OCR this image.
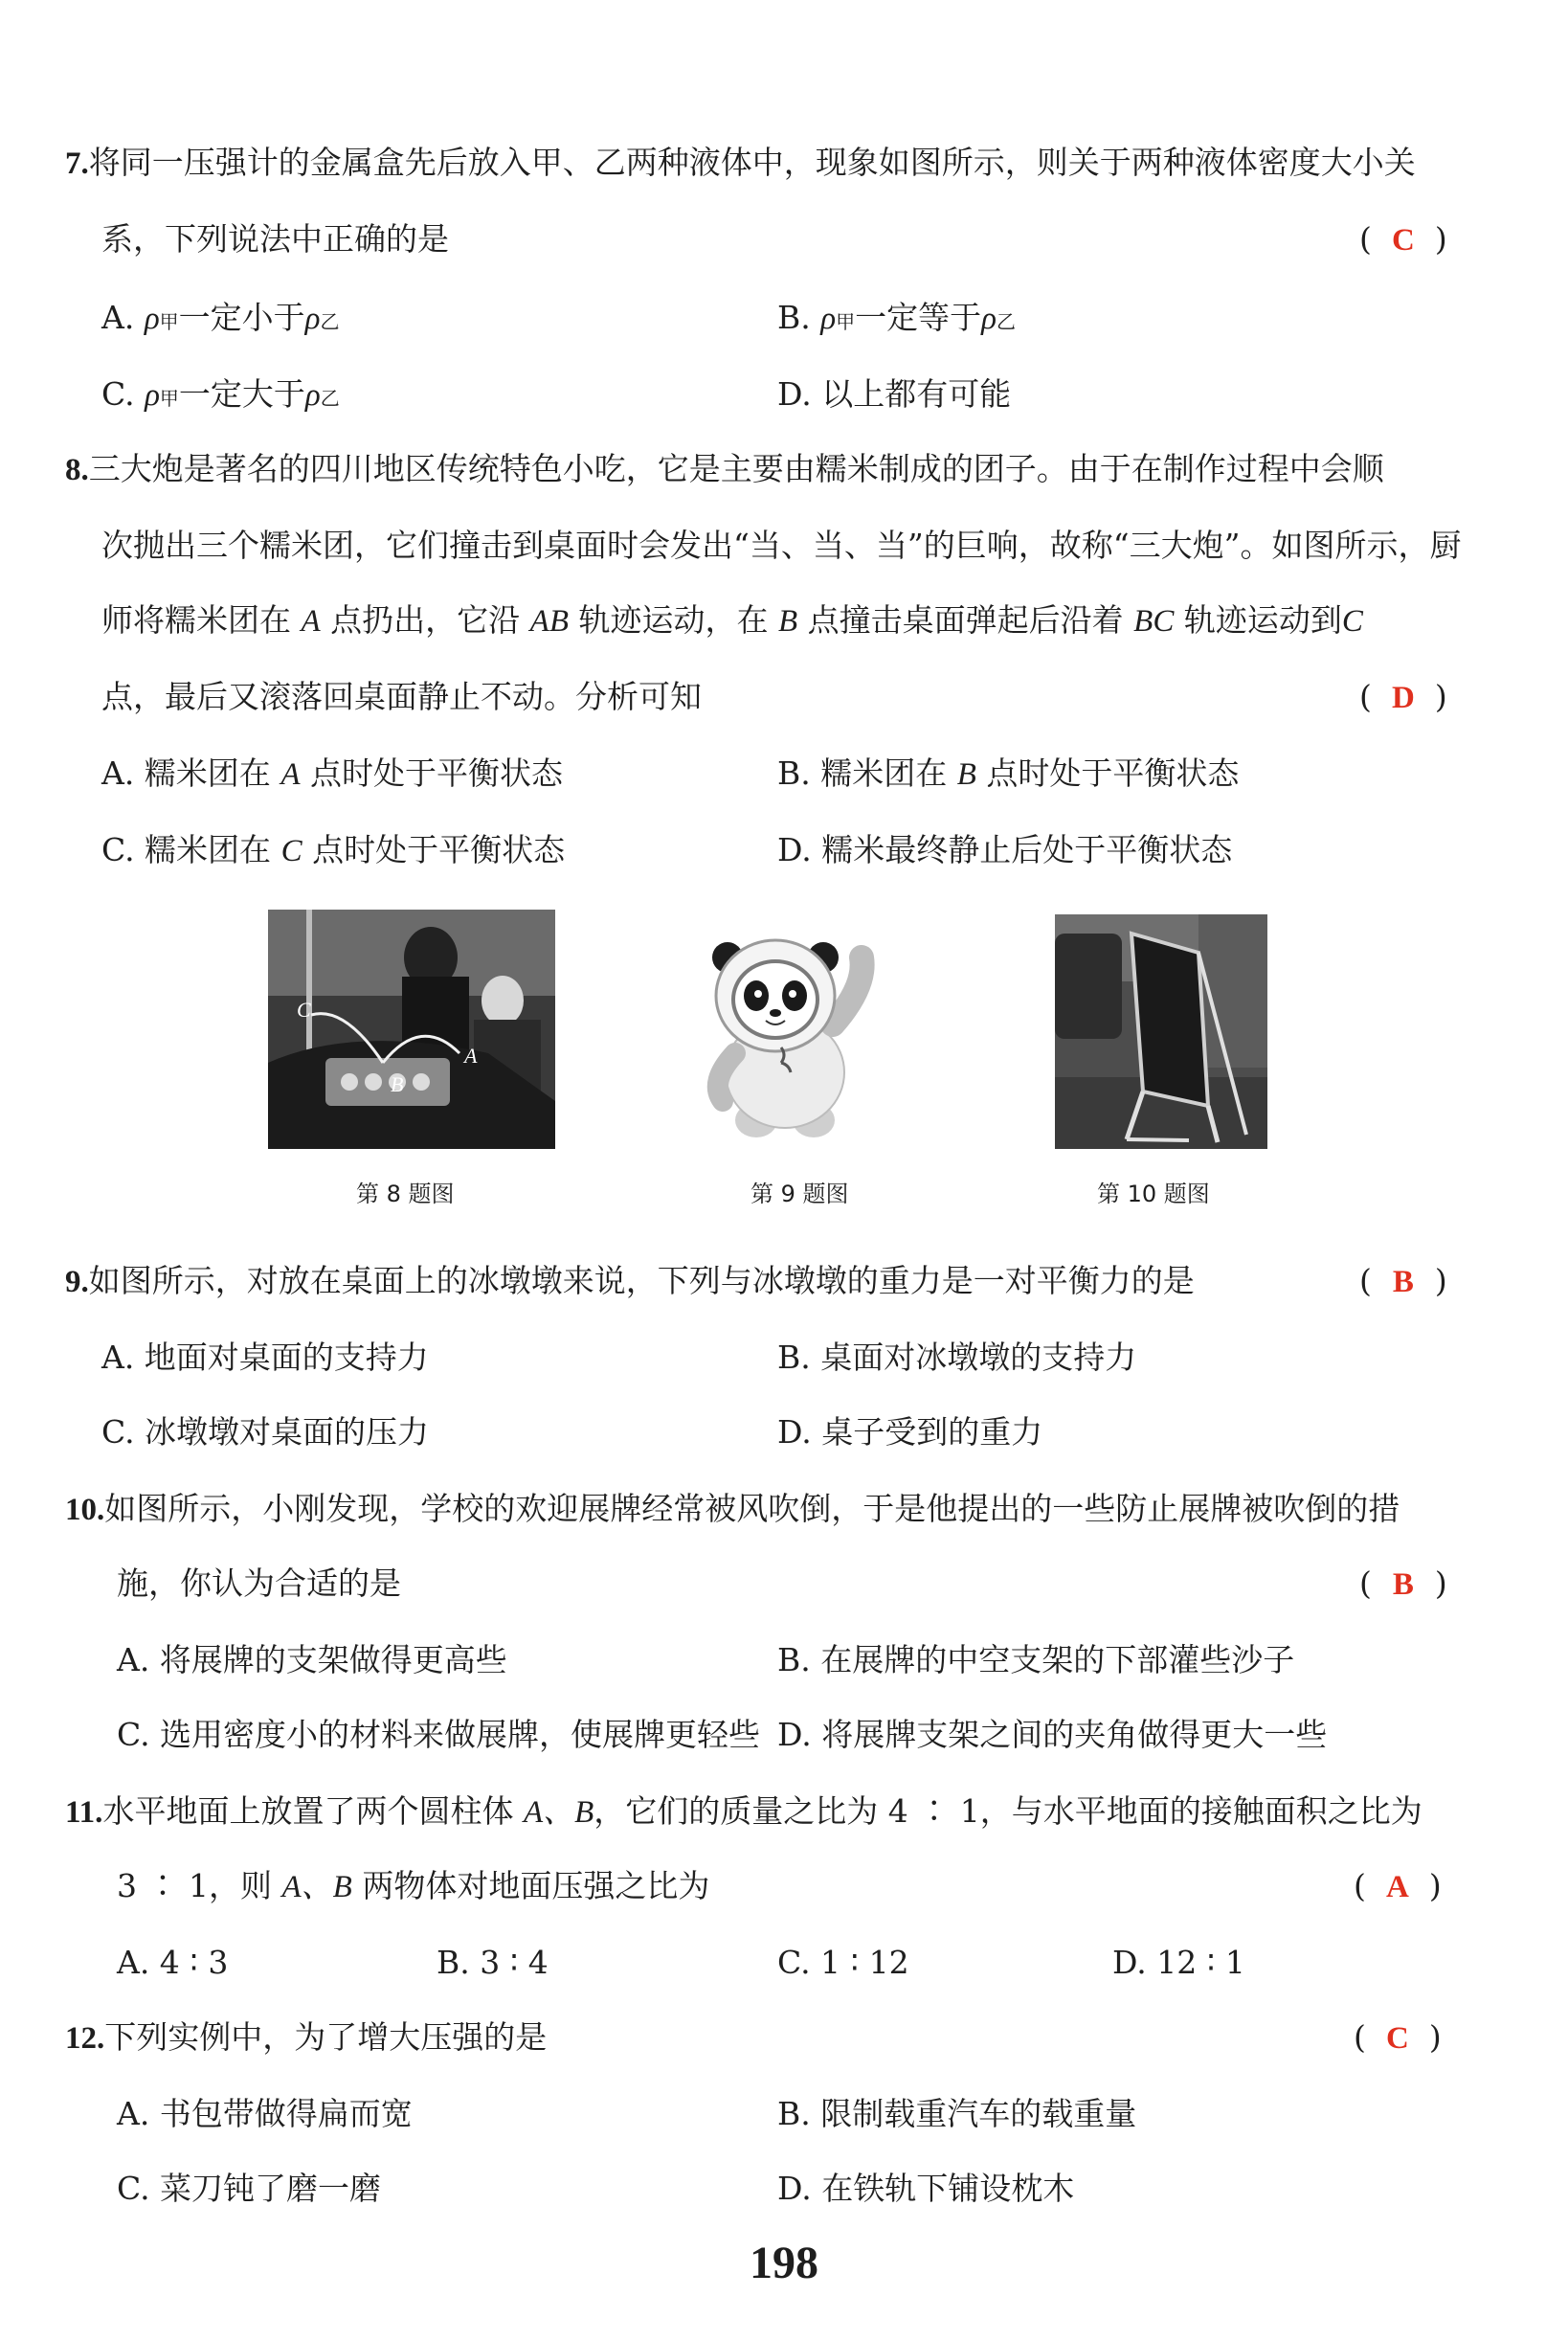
7.将同一压强计的金属盒先后放入甲、乙两种液体中，现象如图所示，则关于两种液体密度大小关
系，下列说法中正确的是	( C )
A. ρ甲一定小于ρ乙	B. ρ甲一定等于ρ乙
C. ρ甲一定大于ρ乙	D. 以上都有可能
8.三大炮是著名的四川地区传统特色小吃，它是主要由糯米制成的团子。由于在制作过程中会顺
次抛出三个糯米团，它们撞击到桌面时会发出“当、当、当”的巨响，故称“三大炮”。如图所示，厨
师将糯米团在 A 点扔出，它沿 AB 轨迹运动，在 B 点撞击桌面弹起后沿着 BC 轨迹运动到C
点，最后又滚落回桌面静止不动。分析可知	( D )
A. 糯米团在 A 点时处于平衡状态	B. 糯米团在 B 点时处于平衡状态
C. 糯米团在 C 点时处于平衡状态	D. 糯米最终静止后处于平衡状态
C
B
A
第 8 题图	第 9 题图	第 10 题图
9.如图所示，对放在桌面上的冰墩墩来说，下列与冰墩墩的重力是一对平衡力的是	( B )
A. 地面对桌面的支持力	B. 桌面对冰墩墩的支持力
C. 冰墩墩对桌面的压力	D. 桌子受到的重力
10.如图所示，小刚发现，学校的欢迎展牌经常被风吹倒，于是他提出的一些防止展牌被吹倒的措
施，你认为合适的是	( B )
A. 将展牌的支架做得更高些	B. 在展牌的中空支架的下部灌些沙子
C. 选用密度小的材料来做展牌，使展牌更轻些 D. 将展牌支架之间的夹角做得更大一些
11.水平地面上放置了两个圆柱体 A、B，它们的质量之比为 4 ∶ 1，与水平地面的接触面积之比为
3 ∶ 1，则 A、B 两物体对地面压强之比为	( A )
A. 4 ∶ 3	B. 3 ∶ 4	C. 1 ∶ 12	D. 12 ∶ 1
12.下列实例中，为了增大压强的是	( C )
A. 书包带做得扁而宽	B. 限制载重汽车的载重量
C. 菜刀钝了磨一磨	D. 在铁轨下铺设枕木
198
